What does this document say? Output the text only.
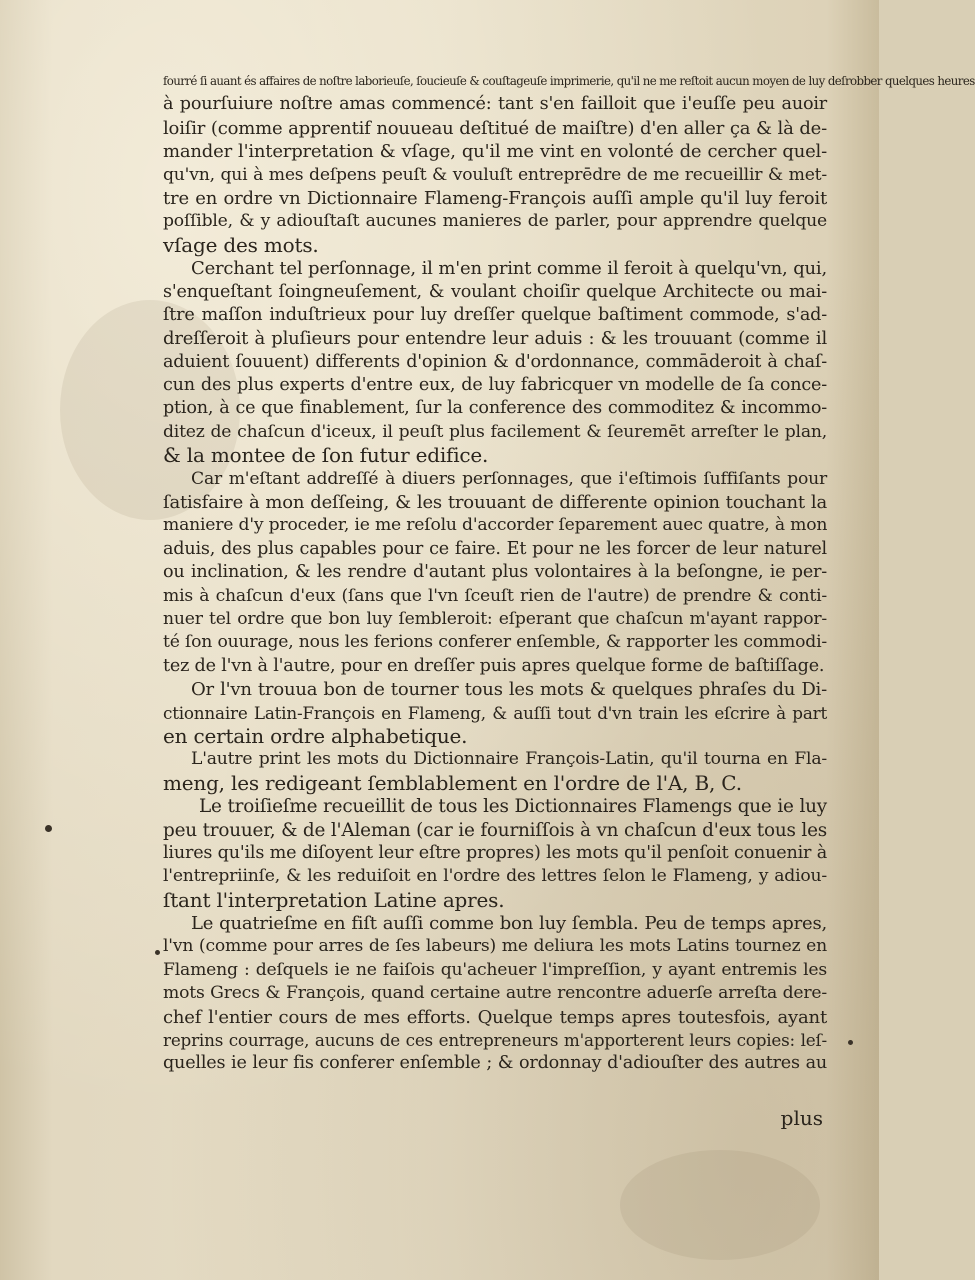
fourré ſi auant és affaires de noſtre laborieuſe, ſoucieuſe & couſtageuſe imprimerie, qu'il ne me reſtoit aucun moyen de luy deſrobber quelques heures
à pourſuiure noſtre amas commencé: tant s'en failloit que i'euſſe peu auoir
loiſir (comme apprentif nouueau deſtitué de maiſtre) d'en aller ça & là de-
mander l'interpretation & vſage, qu'il me vint en volonté de cercher quel-
qu'vn, qui à mes deſpens peuſt & vouluſt entreprēdre de me recueillir & met-
tre en ordre vn Dictionnaire Flameng-François auſſi ample qu'il luy feroit
poſſible, & y adiouſtaſt aucunes manieres de parler, pour apprendre quelque
vſage des mots.
Cerchant tel perſonnage, il m'en print comme il feroit à quelqu'vn, qui,
s'enqueſtant ſoingneuſement, & voulant choiſir quelque Architecte ou mai-
ſtre maſſon induſtrieux pour luy dreſſer quelque baſtiment commode, s'ad-
dreſſeroit à pluſieurs pour entendre leur aduis : & les trouuant (comme il
aduient ſouuent) differents d'opinion & d'ordonnance, commāderoit à chaſ-
cun des plus experts d'entre eux, de luy fabricquer vn modelle de ſa conce-
ption, à ce que finablement, ſur la conference des commoditez & incommo-
ditez de chaſcun d'iceux, il peuſt plus facilement & ſeuremēt arreſter le plan,
& la montee de ſon futur edifice.
Car m'eſtant addreſſé à diuers perſonnages, que i'eſtimois ſuffiſants pour
ſatisfaire à mon deſſeing, & les trouuant de differente opinion touchant la
maniere d'y proceder, ie me reſolu d'accorder ſeparement auec quatre, à mon
aduis, des plus capables pour ce faire. Et pour ne les forcer de leur naturel
ou inclination, & les rendre d'autant plus volontaires à la beſongne, ie per-
mis à chaſcun d'eux (ſans que l'vn ſceuſt rien de l'autre) de prendre & conti-
nuer tel ordre que bon luy ſembleroit: eſperant que chaſcun m'ayant rappor-
té ſon ouurage, nous les ferions conferer enſemble, & rapporter les commodi-
tez de l'vn à l'autre, pour en dreſſer puis apres quelque forme de baſtiſſage.
Or l'vn trouua bon de tourner tous les mots & quelques phraſes du Di-
ctionnaire Latin-François en Flameng, & auſſi tout d'vn train les eſcrire à part
en certain ordre alphabetique.
L'autre print les mots du Dictionnaire François-Latin, qu'il tourna en Fla-
meng, les redigeant ſemblablement en l'ordre de l'A, B, C.
Le troiſieſme recueillit de tous les Dictionnaires Flamengs que ie luy
peu trouuer, & de l'Aleman (car ie fourniſſois à vn chaſcun d'eux tous les
liures qu'ils me diſoyent leur eſtre propres) les mots qu'il penſoit conuenir à
l'entrepriinſe, & les reduiſoit en l'ordre des lettres ſelon le Flameng, y adiou-
ſtant l'interpretation Latine apres.
Le quatrieſme en fiſt auſſi comme bon luy ſembla. Peu de temps apres,
l'vn (comme pour arres de ſes labeurs) me deliura les mots Latins tournez en
Flameng : deſquels ie ne faiſois qu'acheuer l'impreſſion, y ayant entremis les
mots Grecs & François, quand certaine autre rencontre aduerſe arreſta dere-
chef l'entier cours de mes efforts. Quelque temps apres toutesfois, ayant
reprins courrage, aucuns de ces entrepreneurs m'apporterent leurs copies: leſ-
quelles ie leur fis conferer enſemble ; & ordonnay d'adiouſter des autres au
plus
